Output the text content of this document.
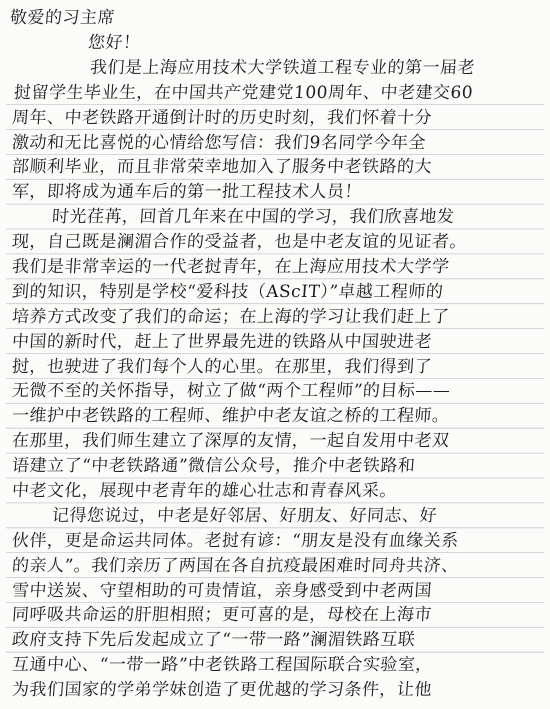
敬爱的习主席
您好！
我们是上海应用技术大学铁道工程专业的第一届老
挝留学生毕业生，在中国共产党建党100周年、中老建交60
周年、中老铁路开通倒计时的历史时刻，我们怀着十分
激动和无比喜悦的心情给您写信：我们9名同学今年全
部顺利毕业，而且非常荣幸地加入了服务中老铁路的大
军，即将成为通车后的第一批工程技术人员！
时光荏苒，回首几年来在中国的学习，我们欣喜地发
现，自己既是澜湄合作的受益者，也是中老友谊的见证者。
我们是非常幸运的一代老挝青年，在上海应用技术大学学
到的知识，特别是学校“爱科技（AScIT）”卓越工程师的
培养方式改变了我们的命运；在上海的学习让我们赶上了
中国的新时代，赶上了世界最先进的铁路从中国驶进老
挝，也驶进了我们每个人的心里。在那里，我们得到了
无微不至的关怀指导，树立了做“两个工程师”的目标——
一维护中老铁路的工程师、维护中老友谊之桥的工程师。
在那里，我们师生建立了深厚的友情，一起自发用中老双
语建立了“中老铁路通”微信公众号，推介中老铁路和
中老文化，展现中老青年的雄心壮志和青春风采。
记得您说过，中老是好邻居、好朋友、好同志、好
伙伴，更是命运共同体。老挝有谚：“朋友是没有血缘关系
的亲人”。我们亲历了两国在各自抗疫最困难时同舟共济、
雪中送炭、守望相助的可贵情谊，亲身感受到中老两国
同呼吸共命运的肝胆相照；更可喜的是，母校在上海市
政府支持下先后发起成立了“一带一路”澜湄铁路互联
互通中心、“一带一路”中老铁路工程国际联合实验室，
为我们国家的学弟学妹创造了更优越的学习条件，让他
